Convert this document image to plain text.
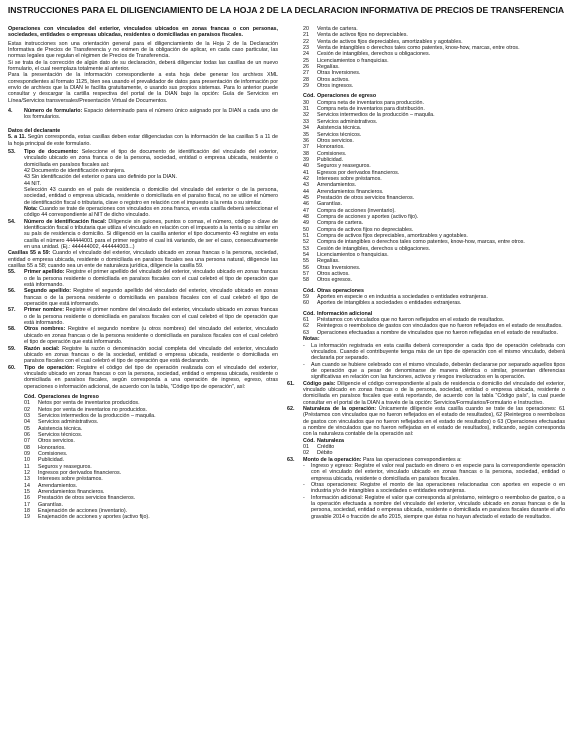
INSTRUCCIONES PARA EL DILIGENCIAMIENTO DE LA HOJA 2 DE LA DECLARACION INFORMATIVA DE PRECIOS DE TRANSFERENCIA
Operaciones con vinculados del exterior, vinculados ubicados en zonas francas o con personas, sociedades, entidades o empresas ubicadas, residentes o domiciliadas en paraísos fiscales.
Estas instrucciones son una orientación general para el diligenciamiento de la Hoja 2 de la Declaración Informativa de Precios de Transferencia y no eximen de la obligación de aplicar, en cada caso particular, las normas legales que regulan el régimen de Precios de Transferencia.
Si se trata de la corrección de algún dato de su declaración, deberá diligenciar todas las casillas de un nuevo formulario, el cual reemplaza totalmente al anterior.
Para la presentación de la información correspondiente a esta hoja debe generar los archivos XML correspondientes al formato 1125, bien sea usando el prevalidador de datos para presentación de información por envío de archivos que la DIAN le facilita gratuitamente, o usando sus propios sistemas. Para lo anterior puede consultar y descargar la cartilla respectiva del portal de la DIAN bajo la opción: Guía de Servicios en Línea/Servicios transversales/Presentación Virtual de Documentos.
4.	Número de formulario: Espacio determinado para el número único asignado por la DIAN a cada uno de los formularios.
Datos del declarante
5. a 11. Según corresponda, estas casillas deben estar diligenciadas con la información de las casillas 5 a 11 de la hoja principal de este formulario.
53.	Tipo de documento: Seleccione el tipo de documento de identificación del vinculado del exterior, vinculado ubicado en zona franca o de la persona, sociedad, entidad o empresa ubicada, residente o domiciliada en paraísos fiscales así:
42 Documento de identificación extranjera.
43 Sin identificación del exterior o para uso definido por la DIAN.
44 NIT.
Selección 43 cuando en el país de residencia o domicilio del vinculado del exterior o de la persona, sociedad, entidad o empresa ubicada, residente o domiciliada en el paraíso fiscal, no se utilice el número de identificación fiscal o tributaria, clave o registro en relación con el impuesto a la renta o su similar.
Nota: Cuando se trate de operaciones con vinculados en zona franca, en esta casilla deberá seleccionar el código 44 correspondiente al NIT de dicho vinculado.
54.	Número de identificación fiscal: Diligencie sin guiones, puntos o comas, el número, código o clave de identificación fiscal o tributaria que utiliza el vinculado en relación con el impuesto a la renta o su similar en su país de residencia o domicilio. Si diligenció en la casilla anterior el tipo documento 43 registre en esta casilla el número 444444001 para el primer registro el cual irá variando, de ser el caso, consecutivamente en una unidad. (Ej.: 444444002, 444444003...)
Casillas 55 a 59: Cuando el vinculado del exterior, vinculado ubicado en zonas francas o la persona, sociedad, entidad o empresa ubicada, residente o domiciliada en paraísos fiscales sea una persona natural, diligencie las casillas 55 a 58; cuando sea un ente de naturaleza jurídica, diligencie la casilla 59.
55.	Primer apellido: Registre el primer apellido del vinculado del exterior, vinculado ubicado en zonas francas o de la persona residente o domiciliada en paraísos fiscales con el cual celebró el tipo de operación que está informando.
56.	Segundo apellido: Registre el segundo apellido del vinculado del exterior, vinculado ubicado en zonas francas o de la persona residente o domiciliada en paraísos fiscales con el cual celebró el tipo de operación que está informando.
57.	Primer nombre: Registre el primer nombre del vinculado del exterior, vinculado ubicado en zonas francas o de la persona residente o domiciliada en paraísos fiscales con el cual celebró el tipo de operación que está informando.
58.	Otros nombres: Registre el segundo nombre (u otros nombres) del vinculado del exterior, vinculado ubicado en zonas francas o de la persona residente o domiciliada en paraísos fiscales con el cual celebró el tipo de operación que está informando.
59.	Razón social: Registre la razón o denominación social completa del vinculado del exterior, vinculado ubicado en zonas francas o de la sociedad, entidad o empresa ubicada, residente o domiciliada en paraísos fiscales con el cual celebró el tipo de operación que está declarando.
60.	Tipo de operación: Registre el código del tipo de operación realizada con el vinculado del exterior, vinculado ubicado en zonas francas o con la persona, sociedad, entidad o empresa ubicada, residente o domiciliada en paraísos fiscales, según corresponda a una operación de ingreso, egreso, otras operaciones o información adicional, de acuerdo con la tabla, “Código tipo de operación”, así:
Cód. Operaciones de Ingreso
01	Netos por venta de inventarios producidos.
02	Netos por venta de inventarios no producidos.
03	Servicios intermedios de la producción – maquila.
04	Servicios administrativos.
05	Asistencia técnica.
06	Servicios técnicos.
07	Otros servicios.
08	Honorarios.
09	Comisiones.
10	Publicidad.
11	Seguros y reaseguros.
12	Ingresos por derivados financieros.
13	Intereses sobre préstamos.
14	Arrendamientos.
15	Arrendamientos financieros.
16	Prestación de otros servicios financieros.
17	Garantías.
18	Enajenación de acciones (inventario).
19	Enajenación de acciones y aportes (activo fijo).
20	Venta de cartera.
21	Venta de activos fijos no depreciables.
22	Venta de activos fijos depreciables, amortizables y agotables.
23	Venta de intangibles o derechos tales como patentes, know-how, marcas, entre otros.
24	Cesión de intangibles, derechos u obligaciones.
25	Licenciamientos o franquicias.
26	Regalías.
27	Otras Inversiones.
28	Otros activos.
29	Otros ingresos.
Cód. Operaciones de egreso
30	Compra neta de inventarios para producción.
31	Compra neta de inventarios para distribución.
32	Servicios intermedios de la producción – maquila.
33	Servicios administrativos.
34	Asistencia técnica.
35	Servicios técnicos.
36	Otros servicios.
37	Honorarios.
38	Comisiones.
39	Publicidad.
40	Seguros y reaseguros.
41	Egresos por derivados financieros.
42	Intereses sobre préstamos.
43	Arrendamientos.
44	Arrendamientos financieros.
45	Prestación de otros servicios financieros.
46	Garantías.
47	Compra de acciones (inventario).
48	Compra de acciones y aportes (activo fijo).
49	Compra de cartera.
50	Compra de activos fijos no depreciables.
51	Compra de activos fijos depreciables, amortizables y agotables.
52	Compra de intangibles o derechos tales como patentes, know-how, marcas, entre otros.
53	Cesión de intangibles, derechos u obligaciones.
54	Licenciamientos o franquicias.
55	Regalías.
56	Otras Inversiones.
57	Otros activos.
58	Otros egresos.
Cód. Otras operaciones
59	Aportes en especie o en industria a sociedades o entidades extranjeras.
60	Aportes de intangibles a sociedades o entidades extranjeras.
Cód. Información adicional
61	Préstamos con vinculados que no fueron reflejados en el estado de resultados.
62	Reintegros o reembolsos de gastos con vinculados que no fueron reflejados en el estado de resultados.
63	Operaciones efectuadas a nombre de vinculados que no fueron reflejadas en el estado de resultados.
Notas:
-	La información registrada en esta casilla deberá corresponder a cada tipo de operación celebrada con vinculados. Cuando el contribuyente tenga más de un tipo de operación con el mismo vinculado, deberá declararla por separado.
-	Aun cuando se hubiere celebrado con el mismo vinculado, deberán declararse por separado aquellos tipos de operación que a pesar de denominarse de manera idéntica o similar, presentan diferencias significativas en relación con las funciones, activos y riesgos involucrados en la operación.
61.	Código país: Diligencie el código correspondiente al país de residencia o domicilio del vinculado del exterior, vinculado ubicado en zonas francas o de la persona, sociedad, entidad o empresa ubicada, residente o domiciliada en paraísos fiscales que está reportando, de acuerdo con la tabla “Código país”, la cual puede consultar en el portal de la DIAN a través de la opción: Servicios/Formularios/Formulario e Instructivo.
62.	Naturaleza de la operación: Únicamente diligencie esta casilla cuando se trate de las operaciones: 61 (Préstamos con vinculados que no fueron reflejados en el estado de resultados), 62 (Reintegros o reembolsos de gastos con vinculados que no fueron reflejados en el estado de resultados) o 63 (Operaciones efectuadas a nombre de vinculados que no fueron reflejadas en el estado de resultados), indicando, según corresponda con la naturaleza contable de la operación así:
Cód. Naturaleza
01	Crédito
02	Débito
63.	Monto de la operación: Para las operaciones correspondientes a:
-	Ingreso y egreso: Registre el valor real pactado en dinero o en especie para la correspondiente operación con el vinculado del exterior, vinculado ubicado en zonas francas o la persona, sociedad, entidad o empresa ubicada, residente o domiciliada en paraísos fiscales.
-	Otras operaciones: Registre el monto de las operaciones relacionadas con aportes en especie o en industria y/o de intangibles a sociedades o entidades extranjeras.
-	Información adicional: Registre el valor que corresponda al préstamo, reintegro o reembolso de gastos, o a la operación efectuada a nombre del vinculado del exterior, vinculado ubicado en zonas francas o de la persona, sociedad, entidad o empresa ubicada, residente o domiciliada en paraísos fiscales durante el año gravable 2014 o fracción de año 2015, siempre que éstas no hayan afectado el estado de resultados.
